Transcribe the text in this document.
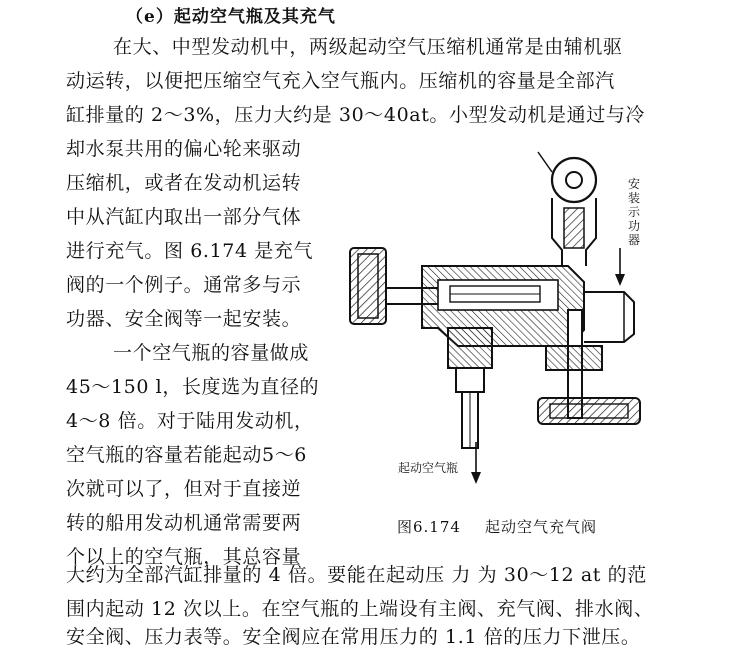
（e）起动空气瓶及其充气
在大、中型发动机中，两级起动空气压缩机通常是由辅机驱
动运转，以便把压缩空气充入空气瓶内。压缩机的容量是全部汽
缸排量的 2～3%，压力大约是 30～40at。小型发动机是通过与冷
却水泵共用的偏心轮来驱动
压缩机，或者在发动机运转
中从汽缸内取出一部分气体
进行充气。图 6.174 是充气
阀的一个例子。通常多与示
功器、安全阀等一起安装。
一个空气瓶的容量做成
45～150 l，长度选为直径的
4～8 倍。对于陆用发动机，
空气瓶的容量若能起动5～6
次就可以了，但对于直接逆
转的船用发动机通常需要两
个以上的空气瓶，其总容量
大约为全部汽缸排量的 4 倍。要能在起动压 力 为 30～12 at 的范
围内起动 12 次以上。在空气瓶的上端设有主阀、充气阀、排水阀、
安全阀、压力表等。安全阀应在常用压力的 1.1 倍的压力下泄压。
安装示功器
起动空气瓶
图6.174 起动空气充气阀
